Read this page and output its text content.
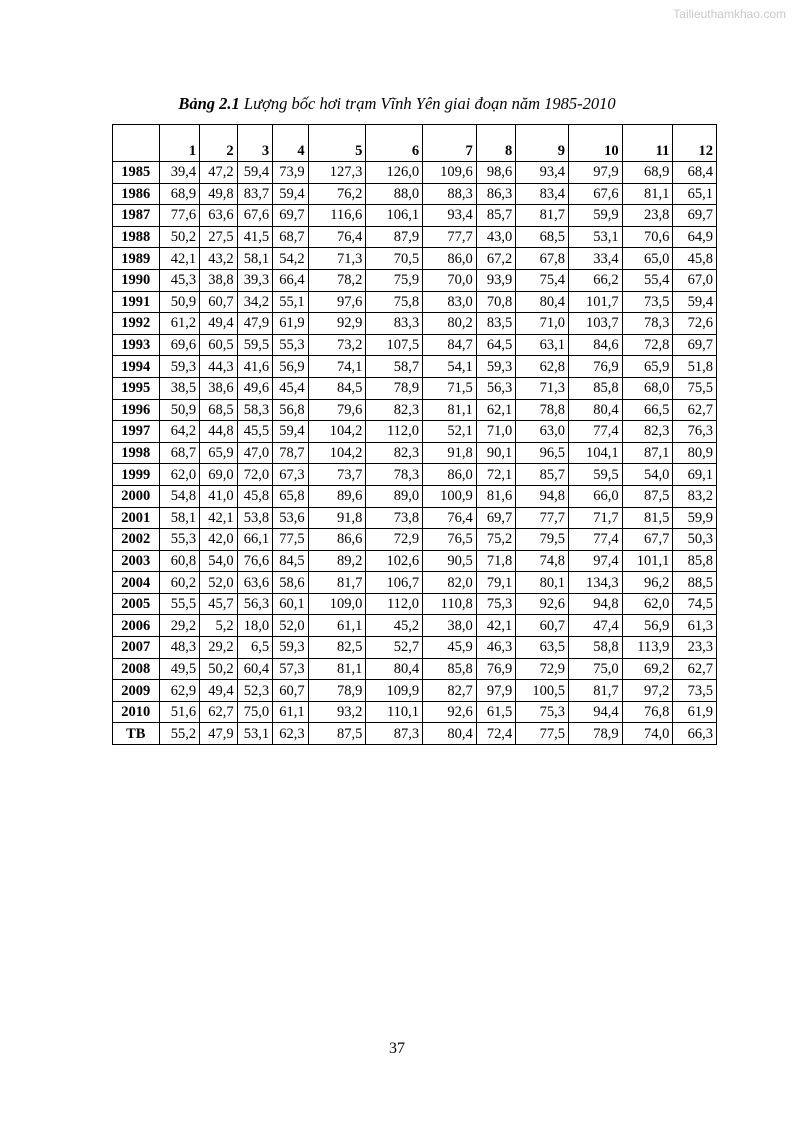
Tailieuthamkhao.com
Bảng 2.1 Lượng bốc hơi trạm Vĩnh Yên giai đoạn năm 1985-2010
	1	2	3	4	5	6	7	8	9	10	11	12
1985	39,4	47,2	59,4	73,9	127,3	126,0	109,6	98,6	93,4	97,9	68,9	68,4
1986	68,9	49,8	83,7	59,4	76,2	88,0	88,3	86,3	83,4	67,6	81,1	65,1
1987	77,6	63,6	67,6	69,7	116,6	106,1	93,4	85,7	81,7	59,9	23,8	69,7
1988	50,2	27,5	41,5	68,7	76,4	87,9	77,7	43,0	68,5	53,1	70,6	64,9
1989	42,1	43,2	58,1	54,2	71,3	70,5	86,0	67,2	67,8	33,4	65,0	45,8
1990	45,3	38,8	39,3	66,4	78,2	75,9	70,0	93,9	75,4	66,2	55,4	67,0
1991	50,9	60,7	34,2	55,1	97,6	75,8	83,0	70,8	80,4	101,7	73,5	59,4
1992	61,2	49,4	47,9	61,9	92,9	83,3	80,2	83,5	71,0	103,7	78,3	72,6
1993	69,6	60,5	59,5	55,3	73,2	107,5	84,7	64,5	63,1	84,6	72,8	69,7
1994	59,3	44,3	41,6	56,9	74,1	58,7	54,1	59,3	62,8	76,9	65,9	51,8
1995	38,5	38,6	49,6	45,4	84,5	78,9	71,5	56,3	71,3	85,8	68,0	75,5
1996	50,9	68,5	58,3	56,8	79,6	82,3	81,1	62,1	78,8	80,4	66,5	62,7
1997	64,2	44,8	45,5	59,4	104,2	112,0	52,1	71,0	63,0	77,4	82,3	76,3
1998	68,7	65,9	47,0	78,7	104,2	82,3	91,8	90,1	96,5	104,1	87,1	80,9
1999	62,0	69,0	72,0	67,3	73,7	78,3	86,0	72,1	85,7	59,5	54,0	69,1
2000	54,8	41,0	45,8	65,8	89,6	89,0	100,9	81,6	94,8	66,0	87,5	83,2
2001	58,1	42,1	53,8	53,6	91,8	73,8	76,4	69,7	77,7	71,7	81,5	59,9
2002	55,3	42,0	66,1	77,5	86,6	72,9	76,5	75,2	79,5	77,4	67,7	50,3
2003	60,8	54,0	76,6	84,5	89,2	102,6	90,5	71,8	74,8	97,4	101,1	85,8
2004	60,2	52,0	63,6	58,6	81,7	106,7	82,0	79,1	80,1	134,3	96,2	88,5
2005	55,5	45,7	56,3	60,1	109,0	112,0	110,8	75,3	92,6	94,8	62,0	74,5
2006	29,2	5,2	18,0	52,0	61,1	45,2	38,0	42,1	60,7	47,4	56,9	61,3
2007	48,3	29,2	6,5	59,3	82,5	52,7	45,9	46,3	63,5	58,8	113,9	23,3
2008	49,5	50,2	60,4	57,3	81,1	80,4	85,8	76,9	72,9	75,0	69,2	62,7
2009	62,9	49,4	52,3	60,7	78,9	109,9	82,7	97,9	100,5	81,7	97,2	73,5
2010	51,6	62,7	75,0	61,1	93,2	110,1	92,6	61,5	75,3	94,4	76,8	61,9
TB	55,2	47,9	53,1	62,3	87,5	87,3	80,4	72,4	77,5	78,9	74,0	66,3
37
